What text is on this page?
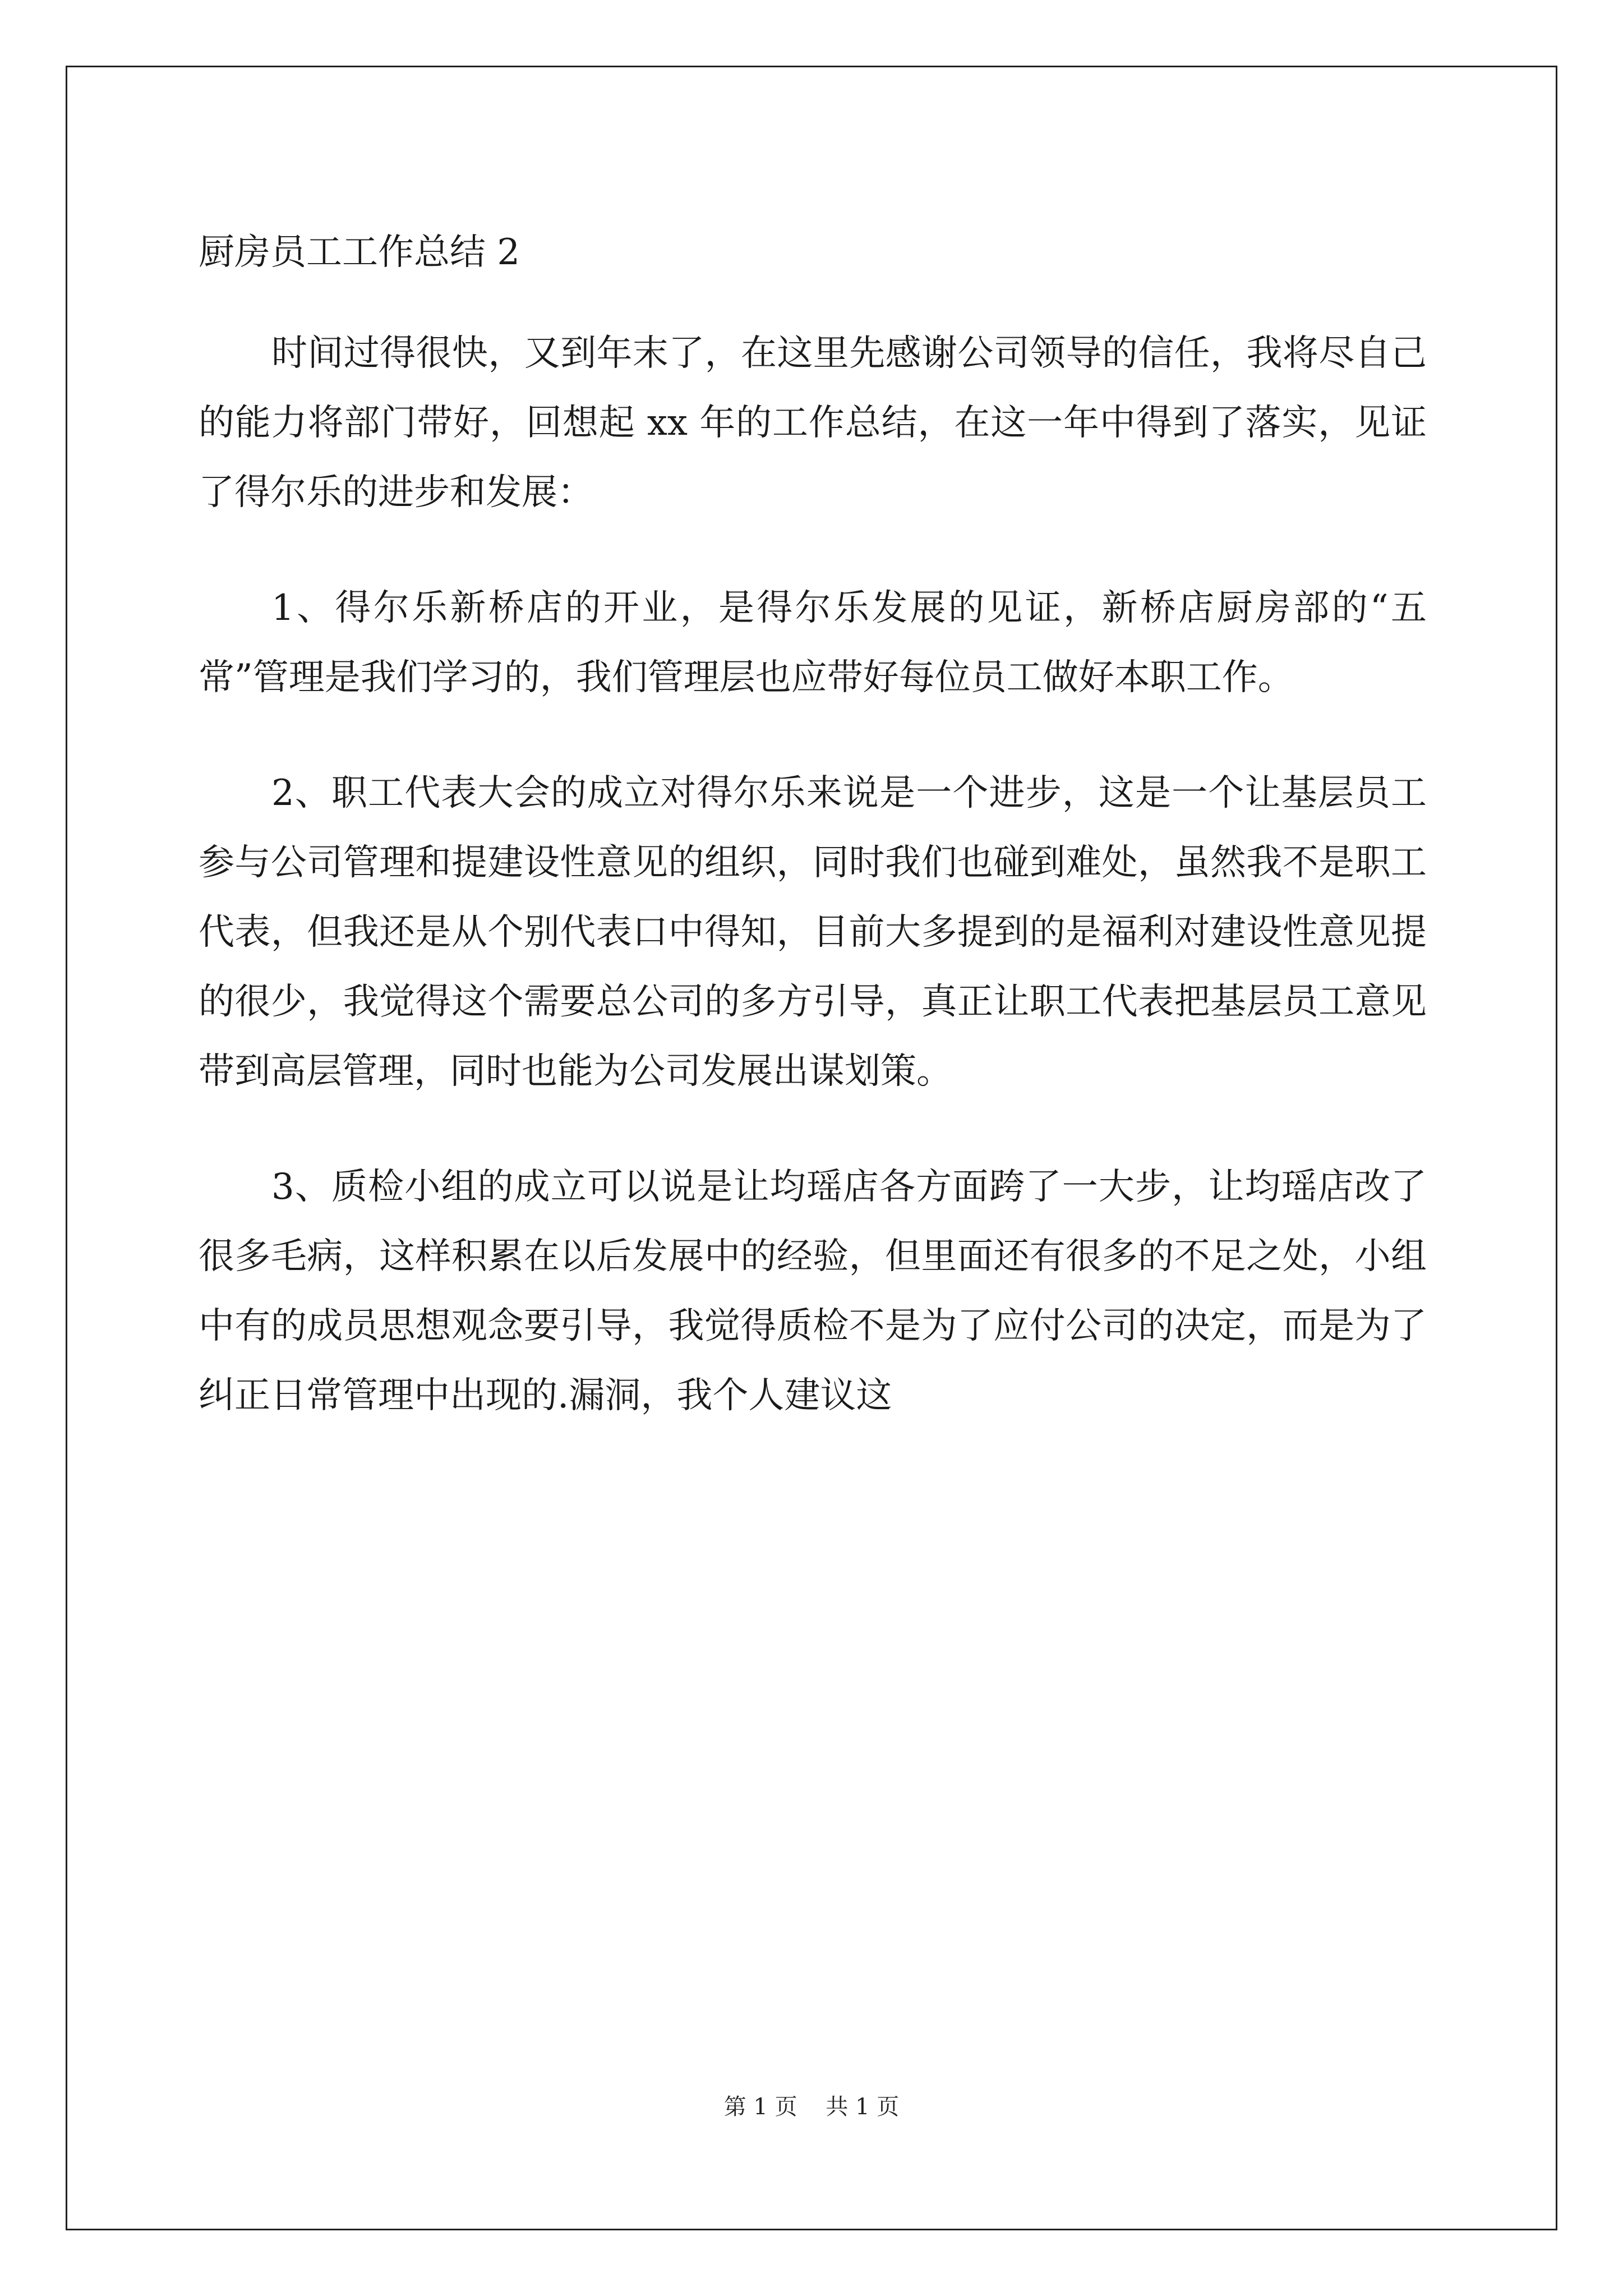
厨房员工工作总结 2

时间过得很快，又到年末了，在这里先感谢公司领导的信任，我将尽自己的能力将部门带好，回想起 xx 年的工作总结，在这一年中得到了落实，见证了得尔乐的进步和发展：

1、得尔乐新桥店的开业，是得尔乐发展的见证，新桥店厨房部的“五常”管理是我们学习的，我们管理层也应带好每位员工做好本职工作。

2、职工代表大会的成立对得尔乐来说是一个进步，这是一个让基层员工参与公司管理和提建设性意见的组织，同时我们也碰到难处，虽然我不是职工代表，但我还是从个别代表口中得知，目前大多提到的是福利对建设性意见提的很少，我觉得这个需要总公司的多方引导，真正让职工代表把基层员工意见带到高层管理，同时也能为公司发展出谋划策。

3、质检小组的成立可以说是让均瑶店各方面跨了一大步，让均瑶店改了很多毛病，这样积累在以后发展中的经验，但里面还有很多的不足之处，小组中有的成员思想观念要引导，我觉得质检不是为了应付公司的决定，而是为了纠正日常管理中出现的.漏洞，我个人建议这

第 1 页    共 1 页
